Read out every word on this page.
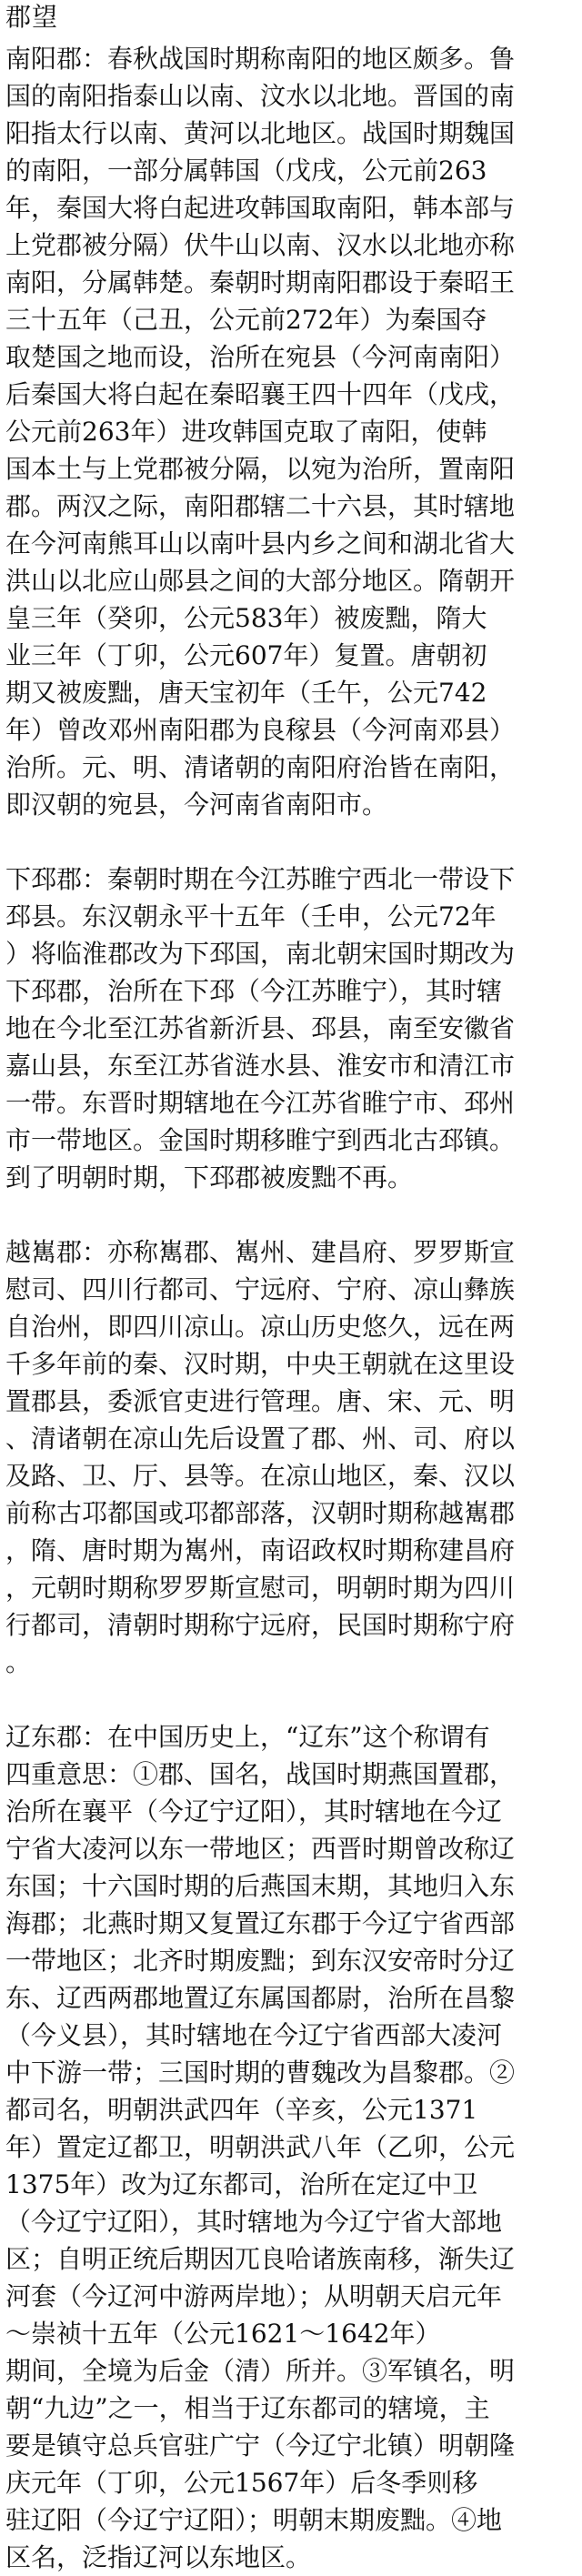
郡望
南阳郡：春秋战国时期称南阳的地区颇多。鲁
国的南阳指泰山以南、汶水以北地。晋国的南
阳指太行以南、黄河以北地区。战国时期魏国
的南阳，一部分属韩国（戊戌，公元前263
年，秦国大将白起进攻韩国取南阳，韩本部与
上党郡被分隔）伏牛山以南、汉水以北地亦称
南阳，分属韩楚。秦朝时期南阳郡设于秦昭王
三十五年（己丑，公元前272年）为秦国夺
取楚国之地而设，治所在宛县（今河南南阳）
后秦国大将白起在秦昭襄王四十四年（戊戌，
公元前263年）进攻韩国克取了南阳，使韩
国本土与上党郡被分隔，以宛为治所，置南阳
郡。两汉之际，南阳郡辖二十六县，其时辖地
在今河南熊耳山以南叶县内乡之间和湖北省大
洪山以北应山郧县之间的大部分地区。隋朝开
皇三年（癸卯，公元583年）被废黜，隋大
业三年（丁卯，公元607年）复置。唐朝初
期又被废黜，唐天宝初年（壬午，公元742
年）曾改邓州南阳郡为良稼县（今河南邓县）
治所。元、明、清诸朝的南阳府治皆在南阳，
即汉朝的宛县，今河南省南阳市。
下邳郡：秦朝时期在今江苏睢宁西北一带设下
邳县。东汉朝永平十五年（壬申，公元72年
）将临淮郡改为下邳国，南北朝宋国时期改为
下邳郡，治所在下邳（今江苏睢宁），其时辖
地在今北至江苏省新沂县、邳县，南至安徽省
嘉山县，东至江苏省涟水县、淮安市和清江市
一带。东晋时期辖地在今江苏省睢宁市、邳州
市一带地区。金国时期移睢宁到西北古邳镇。
到了明朝时期，下邳郡被废黜不再。
越嶲郡：亦称嶲郡、嶲州、建昌府、罗罗斯宣
慰司、四川行都司、宁远府、宁府、凉山彝族
自治州，即四川凉山。凉山历史悠久，远在两
千多年前的秦、汉时期，中央王朝就在这里设
置郡县，委派官吏进行管理。唐、宋、元、明
、清诸朝在凉山先后设置了郡、州、司、府以
及路、卫、厅、县等。在凉山地区，秦、汉以
前称古邛都国或邛都部落，汉朝时期称越嶲郡
，隋、唐时期为嶲州，南诏政权时期称建昌府
，元朝时期称罗罗斯宣慰司，明朝时期为四川
行都司，清朝时期称宁远府，民国时期称宁府
。
辽东郡：在中国历史上，“辽东”这个称谓有
四重意思：①郡、国名，战国时期燕国置郡，
治所在襄平（今辽宁辽阳），其时辖地在今辽
宁省大凌河以东一带地区；西晋时期曾改称辽
东国；十六国时期的后燕国末期，其地归入东
海郡；北燕时期又复置辽东郡于今辽宁省西部
一带地区；北齐时期废黜；到东汉安帝时分辽
东、辽西两郡地置辽东属国都尉，治所在昌黎
（今义县），其时辖地在今辽宁省西部大凌河
中下游一带；三国时期的曹魏改为昌黎郡。②
都司名，明朝洪武四年（辛亥，公元1371
年）置定辽都卫，明朝洪武八年（乙卯，公元
1375年）改为辽东都司，治所在定辽中卫
（今辽宁辽阳），其时辖地为今辽宁省大部地
区；自明正统后期因兀良哈诸族南移，渐失辽
河套（今辽河中游两岸地）；从明朝天启元年
～崇祯十五年（公元1621～1642年）
期间，全境为后金（清）所并。③军镇名，明
朝“九边”之一，相当于辽东都司的辖境，主
要是镇守总兵官驻广宁（今辽宁北镇）明朝隆
庆元年（丁卯，公元1567年）后冬季则移
驻辽阳（今辽宁辽阳）；明朝末期废黜。④地
区名，泛指辽河以东地区。
